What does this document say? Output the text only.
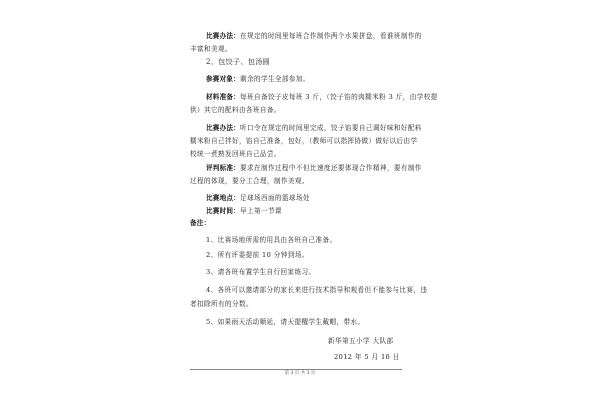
比赛办法：在规定的时间里每班合作制作两个水果拼盘，看谁班制作的
丰富和美观。
2、包饺子、包汤圆
参赛对象：剩余的学生全部参加。
材料准备：每班自备饺子皮每班 3 斤，（饺子馅的肉糯米粉 3 斤，由学校提
供）其它的配料由各班自备。
比赛办法：听口令在规定的时间里完成，饺子馅要自己调好味和好配料
糯米粉自己拌好，馅自己准备，包好，（教师可以指挥协做）做好以后由学
校统一煮熟发回班自己品尝。
评判标准：要求在制作过程中不但比速度还要体现合作精神，要有制作
过程的体现，要分工合理，制作美观。
比赛地点：足球场西面的篮球场处
比赛时间：早上第一节课
备注：
1、比赛场地所需的用具由各班自己准备。
2、所有评委提前 10 分钟到场。
3、请各班布置学生自行回家练习。
4、各班可以邀请部分的家长来进行技术指导和观看但不能参与比赛，违
者扣除所有的分数。
5、如果雨天活动顺延，请天提醒学生戴帽，带水。
新华第五小学 大队部
2012 年 5 月 16 日
第 3 页 共 3 页
